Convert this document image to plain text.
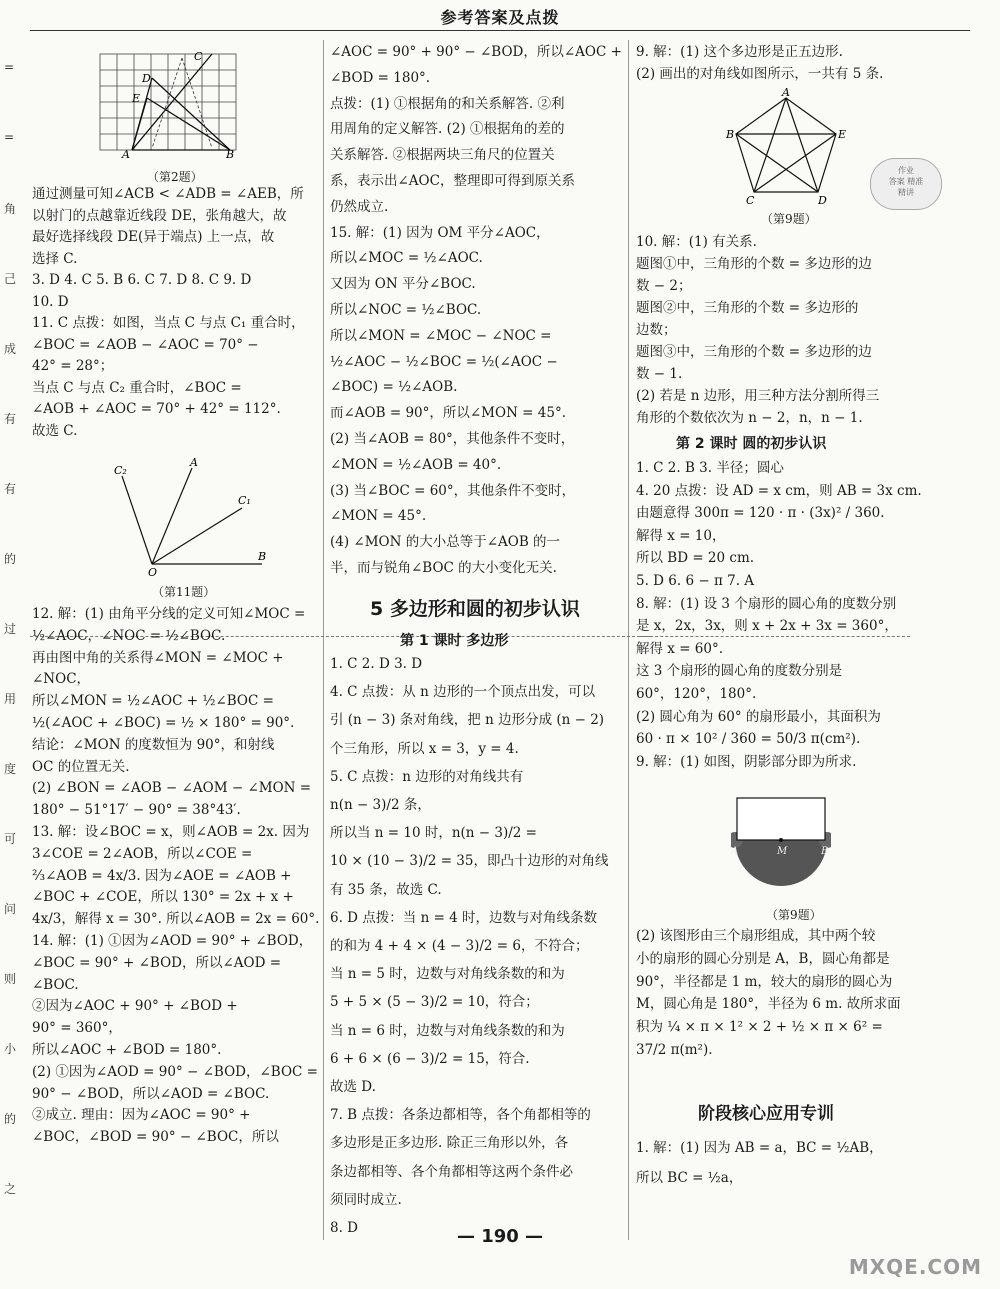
参考答案及点拨
=
=
角
己
成
有
有
的
过
用
度
可
问
则
小
的
之
C
D
E
A	B
（第2题）
通过测量可知∠ACB < ∠ADB = ∠AEB，所
以射门的点越靠近线段 DE，张角越大，故
最好选择线段 DE(异于端点) 上一点，故
选择 C.
3. D 4. C 5. B 6. C 7. D 8. C 9. D
10. D
11. C 点拨：如图，当点 C 与点 C₁ 重合时，
∠BOC = ∠AOB − ∠AOC = 70° −
42° = 28°；
当点 C 与点 C₂ 重合时，∠BOC =
∠AOB + ∠AOC = 70° + 42° = 112°.
故选 C.
C₂
A
C₁
B
O
（第11题）
12. 解：(1) 由角平分线的定义可知∠MOC =
½∠AOC，∠NOC = ½∠BOC.
再由图中角的关系得∠MON = ∠MOC +
∠NOC，
所以∠MON = ½∠AOC + ½∠BOC =
½(∠AOC + ∠BOC) = ½ × 180° = 90°.
结论：∠MON 的度数恒为 90°，和射线
OC 的位置无关.
(2) ∠BON = ∠AOB − ∠AOM − ∠MON =
180° − 51°17′ − 90° = 38°43′.
13. 解：设∠BOC = x，则∠AOB = 2x. 因为
3∠COE = 2∠AOB，所以∠COE =
⅔∠AOB = 4x/3. 因为∠AOE = ∠AOB +
∠BOC + ∠COE，所以 130° = 2x + x +
4x/3，解得 x = 30°. 所以∠AOB = 2x = 60°.
14. 解：(1) ①因为∠AOD = 90° + ∠BOD，
∠BOC = 90° + ∠BOD，所以∠AOD =
∠BOC.
②因为∠AOC + 90° + ∠BOD +
90° = 360°，
所以∠AOC + ∠BOD = 180°.
(2) ①因为∠AOD = 90° − ∠BOD，∠BOC =
90° − ∠BOD，所以∠AOD = ∠BOC.
②成立. 理由：因为∠AOC = 90° +
∠BOC，∠BOD = 90° − ∠BOC，所以
∠AOC = 90° + 90° − ∠BOD，所以∠AOC +
∠BOD = 180°.
点拨：(1) ①根据角的和关系解答. ②利
用周角的定义解答. (2) ①根据角的差的
关系解答. ②根据两块三角尺的位置关
系，表示出∠AOC，整理即可得到原关系
仍然成立.
15. 解：(1) 因为 OM 平分∠AOC，
所以∠MOC = ½∠AOC.
又因为 ON 平分∠BOC.
所以∠NOC = ½∠BOC.
所以∠MON = ∠MOC − ∠NOC =
½∠AOC − ½∠BOC = ½(∠AOC −
∠BOC) = ½∠AOB.
而∠AOB = 90°，所以∠MON = 45°.
(2) 当∠AOB = 80°，其他条件不变时，
∠MON = ½∠AOB = 40°.
(3) 当∠BOC = 60°，其他条件不变时，
∠MON = 45°.
(4) ∠MON 的大小总等于∠AOB 的一
半，而与锐角∠BOC 的大小变化无关.
5 多边形和圆的初步认识
第 1 课时 多边形
1. C 2. D 3. D
4. C 点拨：从 n 边形的一个顶点出发，可以
引 (n − 3) 条对角线，把 n 边形分成 (n − 2)
个三角形，所以 x = 3，y = 4.
5. C 点拨：n 边形的对角线共有
n(n − 3)/2 条，
所以当 n = 10 时，n(n − 3)/2 =
10 × (10 − 3)/2 = 35，即凸十边形的对角线
有 35 条，故选 C.
6. D 点拨：当 n = 4 时，边数与对角线条数
的和为 4 + 4 × (4 − 3)/2 = 6，不符合；
当 n = 5 时，边数与对角线条数的和为
5 + 5 × (5 − 3)/2 = 10，符合；
当 n = 6 时，边数与对角线条数的和为
6 + 6 × (6 − 3)/2 = 15，符合.
故选 D.
7. B 点拨：各条边都相等，各个角都相等的
多边形是正多边形. 除正三角形以外，各
条边都相等、各个角都相等这两个条件必
须同时成立.
8. D
9. 解：(1) 这个多边形是正五边形.
(2) 画出的对角线如图所示，一共有 5 条.
A
B	E
C	D
（第9题）
10. 解：(1) 有关系.
题图①中，三角形的个数 = 多边形的边
数 − 2；
题图②中，三角形的个数 = 多边形的
边数；
题图③中，三角形的个数 = 多边形的边
数 − 1.
(2) 若是 n 边形，用三种方法分割所得三
角形的个数依次为 n − 2，n，n − 1.
第 2 课时 圆的初步认识
1. C 2. B 3. 半径；圆心
4. 20 点拨：设 AD = x cm，则 AB = 3x cm.
由题意得 300π = 120 · π · (3x)² / 360.
解得 x = 10，
所以 BD = 20 cm.
5. D 6. 6 − π 7. A
8. 解：(1) 设 3 个扇形的圆心角的度数分别
是 x，2x，3x，则 x + 2x + 3x = 360°，
解得 x = 60°.
这 3 个扇形的圆心角的度数分别是
60°，120°，180°.
(2) 圆心角为 60° 的扇形最小，其面积为
60 · π × 10² / 360 = 50/3 π(cm²).
9. 解：(1) 如图，阴影部分即为所求.
A	M	B
（第9题）
(2) 该图形由三个扇形组成，其中两个较
小的扇形的圆心分别是 A，B，圆心角都是
90°，半径都是 1 m，较大的扇形的圆心为
M，圆心角是 180°，半径为 6 m. 故所求面
积为 ¼ × π × 1² × 2 + ½ × π × 6² =
37/2 π(m²).
阶段核心应用专训
1. 解：(1) 因为 AB = a，BC = ½AB，
所以 BC = ½a，
作业
答案 精准
精讲
— 190 —
MXQE.COM
